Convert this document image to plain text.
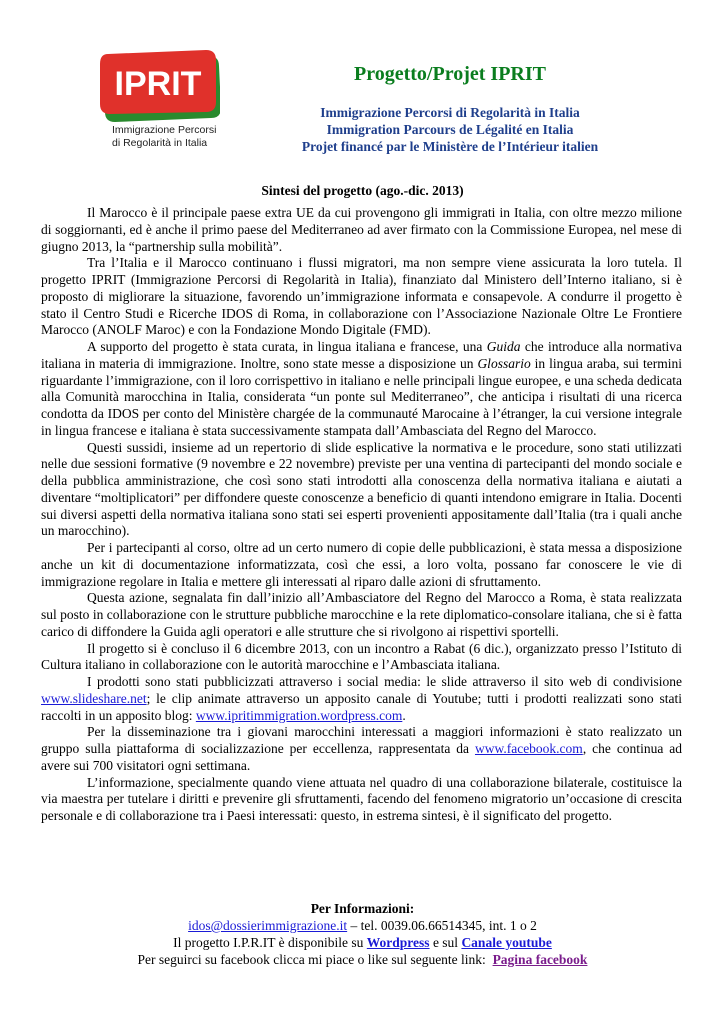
IPRIT
Immigrazione Percorsi
di Regolarità in Italia

Progetto/Projet IPRIT

Immigrazione Percorsi di Regolarità in Italia

Immigration Parcours de Légalité en Italia

Projet financé par le Ministère de l’Intérieur italien

Sintesi del progetto (ago.-dic. 2013)

Il Marocco è il principale paese extra UE da cui provengono gli immigrati in Italia, con oltre mezzo milione di soggiornanti, ed è anche il primo paese del Mediterraneo ad aver firmato con la Commissione Europea, nel mese di giugno 2013, la “partnership sulla mobilità”.

Tra l’Italia e il Marocco continuano i flussi migratori, ma non sempre viene assicurata la loro tutela. Il progetto IPRIT (Immigrazione Percorsi di Regolarità in Italia), finanziato dal Ministero dell’Interno italiano, si è proposto di migliorare la situazione, favorendo un’immigrazione informata e consapevole. A condurre il progetto è stato il Centro Studi e Ricerche IDOS di Roma, in collaborazione con l’Associazione Nazionale Oltre Le Frontiere Marocco (ANOLF Maroc) e con la Fondazione Mondo Digitale (FMD).

A supporto del progetto è stata curata, in lingua italiana e francese, una Guida che introduce alla normativa italiana in materia di immigrazione. Inoltre, sono state messe a disposizione un Glossario in lingua araba, sui termini riguardante l’immigrazione, con il loro corrispettivo in italiano e nelle principali lingue europee, e una scheda dedicata alla Comunità marocchina in Italia, considerata “un ponte sul Mediterraneo”, che anticipa i risultati di una ricerca condotta da IDOS per conto del Ministère chargée de la communauté Marocaine à l’étranger, la cui versione integrale in lingua francese e italiana è stata successivamente stampata dall’Ambasciata del Regno del Marocco.

Questi sussidi, insieme ad un repertorio di slide esplicative la normativa e le procedure, sono stati utilizzati nelle due sessioni formative (9 novembre e 22 novembre) previste per una ventina di partecipanti del mondo sociale e della pubblica amministrazione, che così sono stati introdotti alla conoscenza della normativa italiana e aiutati a diventare “moltiplicatori” per diffondere queste conoscenze a beneficio di quanti intendono emigrare in Italia. Docenti sui diversi aspetti della normativa italiana sono stati sei esperti provenienti appositamente dall’Italia (tra i quali anche un marocchino).

Per i partecipanti al corso, oltre ad un certo numero di copie delle pubblicazioni, è stata messa a disposizione anche un kit di documentazione informatizzata, così che essi, a loro volta, possano far conoscere le vie di immigrazione regolare in Italia e mettere gli interessati al riparo dalle azioni di sfruttamento.

Questa azione, segnalata fin dall’inizio all’Ambasciatore del Regno del Marocco a Roma, è stata realizzata sul posto in collaborazione con le strutture pubbliche marocchine e la rete diplomatico-consolare italiana, che si è fatta carico di diffondere la Guida agli operatori e alle strutture che si rivolgono ai rispettivi sportelli.

Il progetto si è concluso il 6 dicembre 2013, con un incontro a Rabat (6 dic.), organizzato presso l’Istituto di Cultura italiano in collaborazione con le autorità marocchine e l’Ambasciata italiana.

I prodotti sono stati pubblicizzati attraverso i social media: le slide attraverso il sito web di condivisione www.slideshare.net; le clip animate attraverso un apposito canale di Youtube; tutti i prodotti realizzati sono stati raccolti in un apposito blog: www.ipritimmigration.wordpress.com.

Per la disseminazione tra i giovani marocchini interessati a maggiori informazioni è stato realizzato un gruppo sulla piattaforma di socializzazione per eccellenza, rappresentata da www.facebook.com, che continua ad avere sui 700 visitatori ogni settimana.

L’informazione, specialmente quando viene attuata nel quadro di una collaborazione bilaterale, costituisce la via maestra per tutelare i diritti e prevenire gli sfruttamenti, facendo del fenomeno migratorio un’occasione di crescita personale e di collaborazione tra i Paesi interessati: questo, in estrema sintesi, è il significato del progetto.

Per Informazioni:
idos@dossierimmigrazione.it – tel. 0039.06.66514345, int. 1 o 2
Il progetto I.P.R.IT è disponibile su Wordpress e sul Canale youtube
Per seguirci su facebook clicca mi piace o like sul seguente link:  Pagina facebook
